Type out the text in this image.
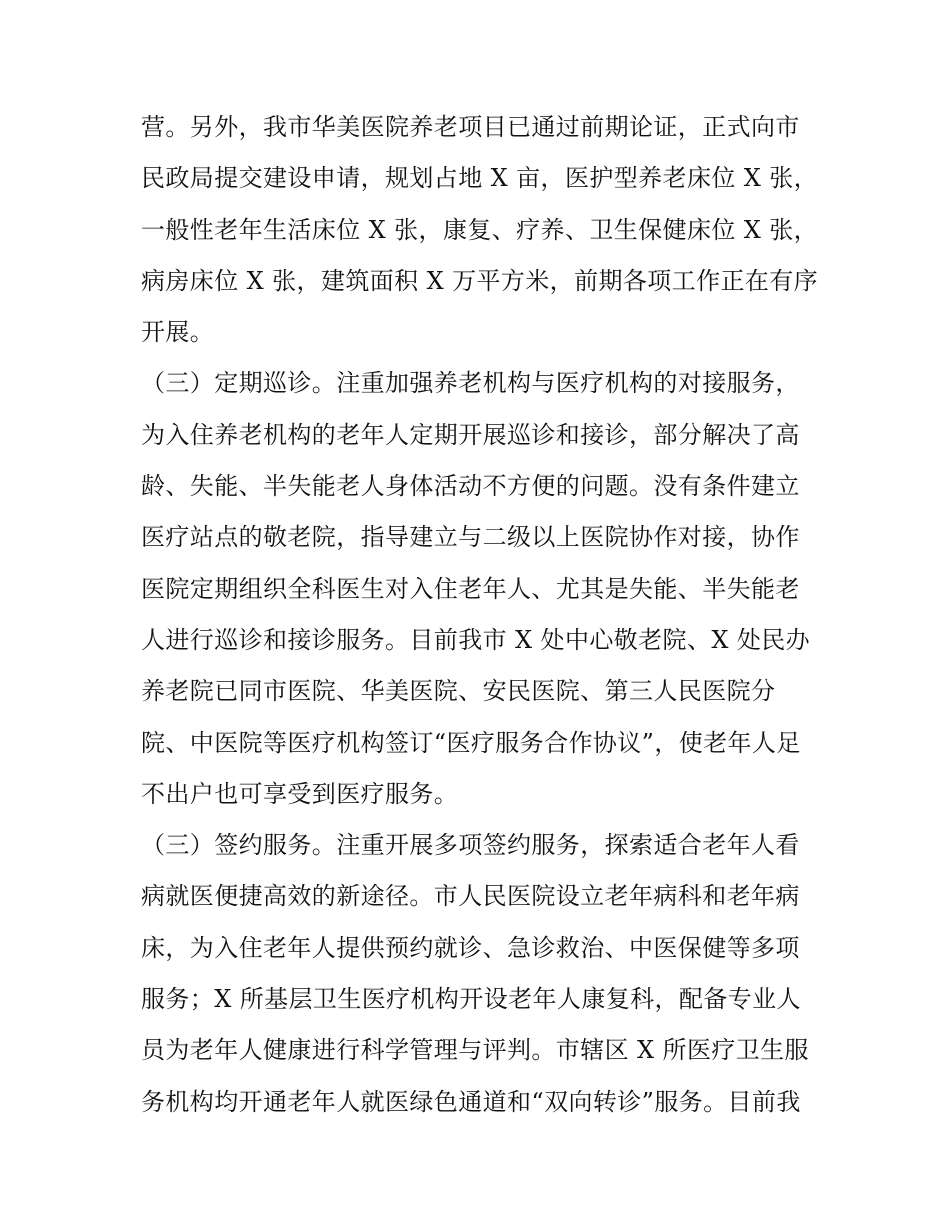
营。另外，我市华美医院养老项目已通过前期论证，正式向市
民政局提交建设申请，规划占地 X 亩，医护型养老床位 X 张，
一般性老年生活床位 X 张，康复、疗养、卫生保健床位 X 张，
病房床位 X 张，建筑面积 X 万平方米，前期各项工作正在有序
开展。
（三）定期巡诊。注重加强养老机构与医疗机构的对接服务，
为入住养老机构的老年人定期开展巡诊和接诊，部分解决了高
龄、失能、半失能老人身体活动不方便的问题。没有条件建立
医疗站点的敬老院，指导建立与二级以上医院协作对接，协作
医院定期组织全科医生对入住老年人、尤其是失能、半失能老
人进行巡诊和接诊服务。目前我市 X 处中心敬老院、X 处民办
养老院已同市医院、华美医院、安民医院、第三人民医院分
院、中医院等医疗机构签订“医疗服务合作协议”，使老年人足
不出户也可享受到医疗服务。
（三）签约服务。注重开展多项签约服务，探索适合老年人看
病就医便捷高效的新途径。市人民医院设立老年病科和老年病
床，为入住老年人提供预约就诊、急诊救治、中医保健等多项
服务；X 所基层卫生医疗机构开设老年人康复科，配备专业人
员为老年人健康进行科学管理与评判。市辖区 X 所医疗卫生服
务机构均开通老年人就医绿色通道和“双向转诊”服务。目前我
